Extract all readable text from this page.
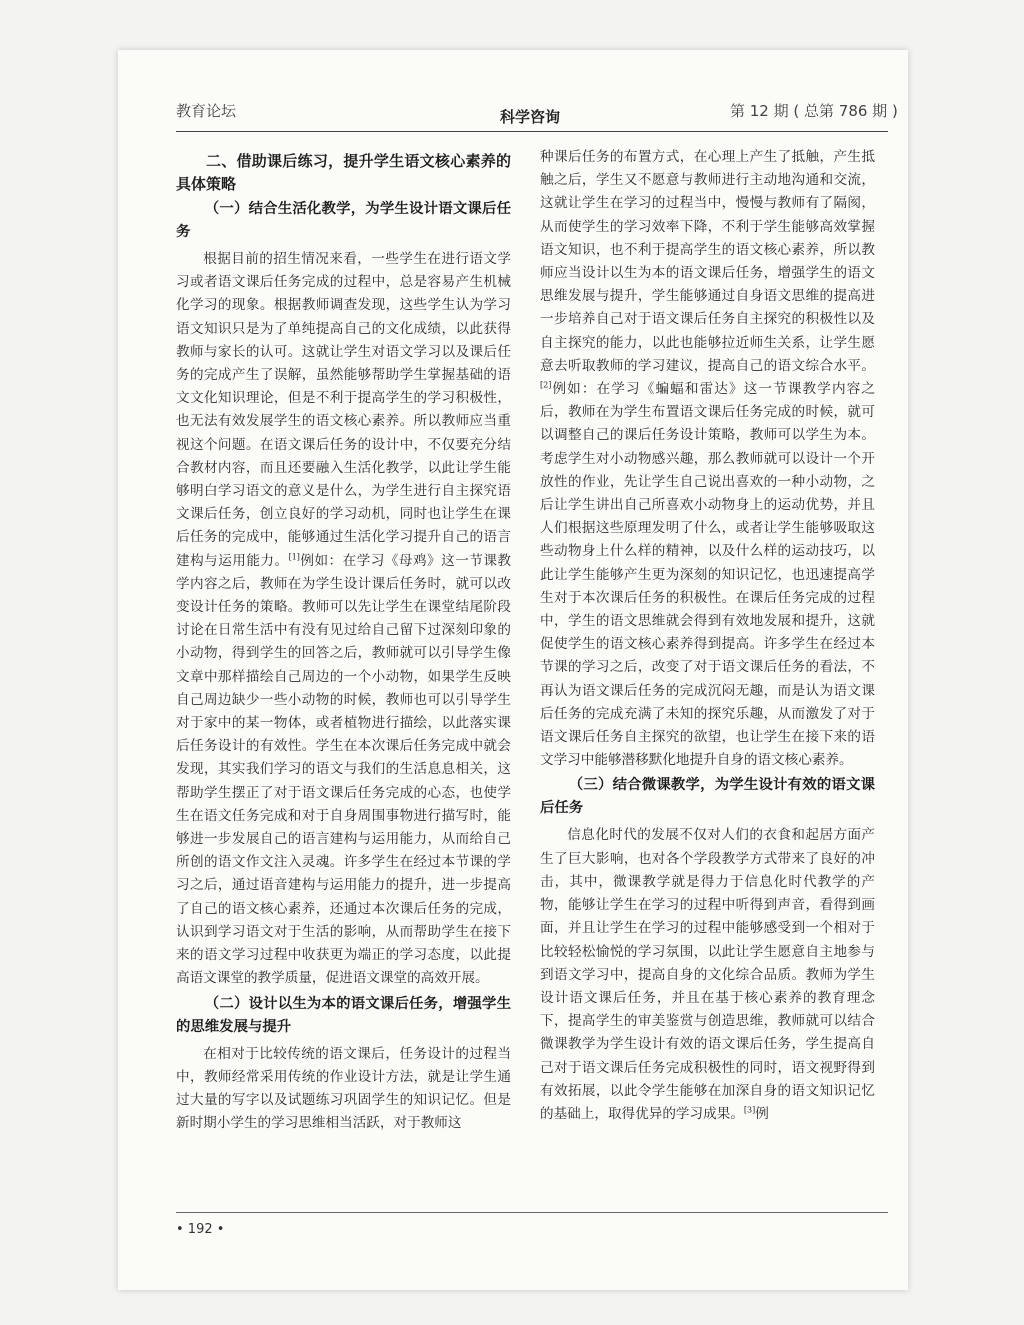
教育论坛	科学咨询	第 12 期 ( 总第 786 期 )
二、借助课后练习，提升学生语文核心素养的具体策略
（一）结合生活化教学，为学生设计语文课后任务

根据目前的招生情况来看，一些学生在进行语文学习或者语文课后任务完成的过程中，总是容易产生机械化学习的现象。根据教师调查发现，这些学生认为学习语文知识只是为了单纯提高自己的文化成绩，以此获得教师与家长的认可。这就让学生对语文学习以及课后任务的完成产生了误解，虽然能够帮助学生掌握基础的语文文化知识理论，但是不利于提高学生的学习积极性，也无法有效发展学生的语文核心素养。所以教师应当重视这个问题。在语文课后任务的设计中，不仅要充分结合教材内容，而且还要融入生活化教学，以此让学生能够明白学习语文的意义是什么，为学生进行自主探究语文课后任务，创立良好的学习动机，同时也让学生在课后任务的完成中，能够通过生活化学习提升自己的语言建构与运用能力。[1]例如：在学习《母鸡》这一节课教学内容之后，教师在为学生设计课后任务时，就可以改变设计任务的策略。教师可以先让学生在课堂结尾阶段讨论在日常生活中有没有见过给自己留下过深刻印象的小动物，得到学生的回答之后，教师就可以引导学生像文章中那样描绘自己周边的一个小动物，如果学生反映自己周边缺少一些小动物的时候，教师也可以引导学生对于家中的某一物体，或者植物进行描绘，以此落实课后任务设计的有效性。学生在本次课后任务完成中就会发现，其实我们学习的语文与我们的生活息息相关，这帮助学生摆正了对于语文课后任务完成的心态，也使学生在语文任务完成和对于自身周围事物进行描写时，能够进一步发展自己的语言建构与运用能力，从而给自己所创的语文作文注入灵魂。许多学生在经过本节课的学习之后，通过语音建构与运用能力的提升，进一步提高了自己的语文核心素养，还通过本次课后任务的完成，认识到学习语文对于生活的影响，从而帮助学生在接下来的语文学习过程中收获更为端正的学习态度，以此提高语文课堂的教学质量，促进语文课堂的高效开展。

（二）设计以生为本的语文课后任务，增强学生的思维发展与提升

在相对于比较传统的语文课后，任务设计的过程当中，教师经常采用传统的作业设计方法，就是让学生通过大量的写字以及试题练习巩固学生的知识记忆。但是新时期小学生的学习思维相当活跃，对于教师这

种课后任务的布置方式，在心理上产生了抵触，产生抵触之后，学生又不愿意与教师进行主动地沟通和交流，这就让学生在学习的过程当中，慢慢与教师有了隔阂，从而使学生的学习效率下降，不利于学生能够高效掌握语文知识，也不利于提高学生的语文核心素养，所以教师应当设计以生为本的语文课后任务，增强学生的语文思维发展与提升，学生能够通过自身语文思维的提高进一步培养自己对于语文课后任务自主探究的积极性以及自主探究的能力，以此也能够拉近师生关系，让学生愿意去听取教师的学习建议，提高自己的语文综合水平。[2]例如：在学习《蝙蝠和雷达》这一节课教学内容之后，教师在为学生布置语文课后任务完成的时候，就可以调整自己的课后任务设计策略，教师可以学生为本。考虑学生对小动物感兴趣，那么教师就可以设计一个开放性的作业，先让学生自己说出喜欢的一种小动物，之后让学生讲出自己所喜欢小动物身上的运动优势，并且人们根据这些原理发明了什么，或者让学生能够吸取这些动物身上什么样的精神，以及什么样的运动技巧，以此让学生能够产生更为深刻的知识记忆，也迅速提高学生对于本次课后任务的积极性。在课后任务完成的过程中，学生的语文思维就会得到有效地发展和提升，这就促使学生的语文核心素养得到提高。许多学生在经过本节课的学习之后，改变了对于语文课后任务的看法，不再认为语文课后任务的完成沉闷无趣，而是认为语文课后任务的完成充满了未知的探究乐趣，从而激发了对于语文课后任务自主探究的欲望，也让学生在接下来的语文学习中能够潜移默化地提升自身的语文核心素养。

（三）结合微课教学，为学生设计有效的语文课后任务

信息化时代的发展不仅对人们的衣食和起居方面产生了巨大影响，也对各个学段教学方式带来了良好的冲击，其中，微课教学就是得力于信息化时代教学的产物，能够让学生在学习的过程中听得到声音，看得到画面，并且让学生在学习的过程中能够感受到一个相对于比较轻松愉悦的学习氛围，以此让学生愿意自主地参与到语文学习中，提高自身的文化综合品质。教师为学生设计语文课后任务，并且在基于核心素养的教育理念下，提高学生的审美鉴赏与创造思维，教师就可以结合微课教学为学生设计有效的语文课后任务，学生提高自己对于语文课后任务完成积极性的同时，语文视野得到有效拓展，以此令学生能够在加深自身的语文知识记忆的基础上，取得优异的学习成果。[3]例

• 192 •
